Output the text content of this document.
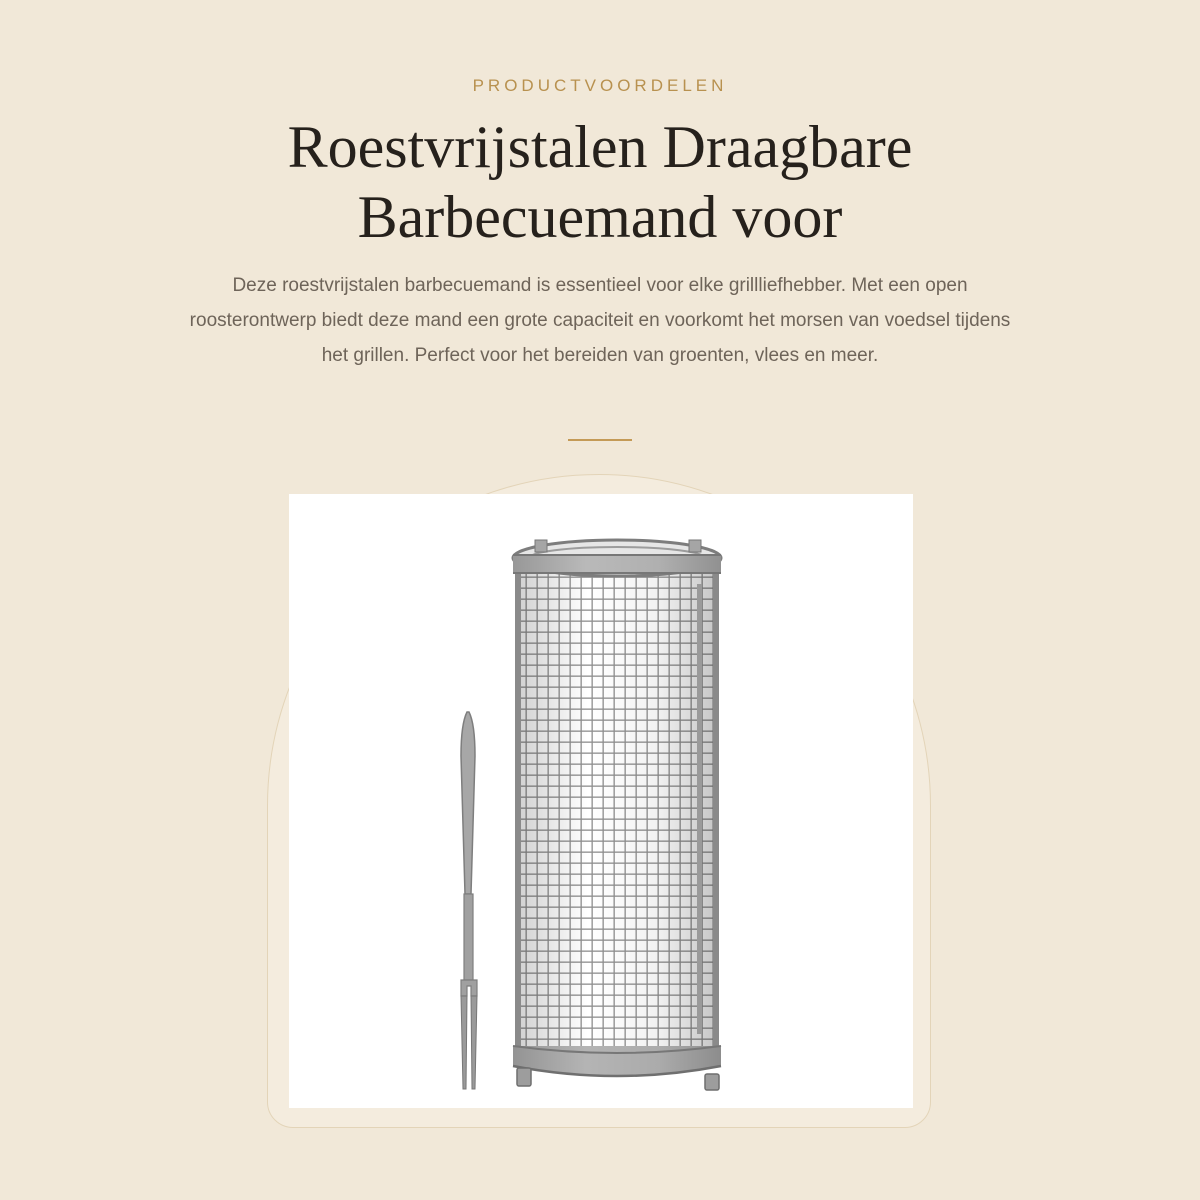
PRODUCTVOORDELEN

Roestvrijstalen Draagbare
Barbecuemand voor

Deze roestvrijstalen barbecuemand is essentieel voor elke grillliefhebber. Met een open roosterontwerp biedt deze mand een grote capaciteit en voorkomt het morsen van voedsel tijdens het grillen. Perfect voor het bereiden van groenten, vlees en meer.
